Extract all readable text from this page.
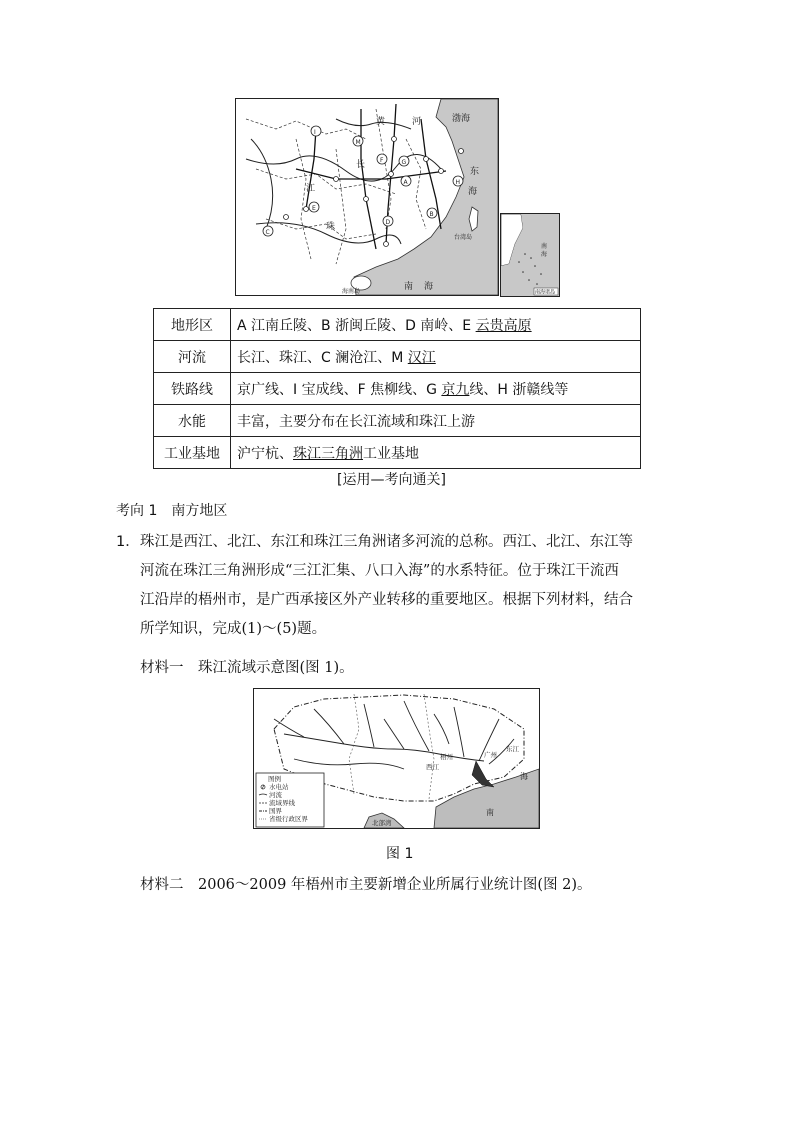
I
M
F	G
E
D
C
A
B
H
渤海
东
海
南 海
台湾岛
海南岛
长
江
珠
黄	河
南
海
南海诸岛
地形区	A 江南丘陵、B 浙闽丘陵、D 南岭、E 云贵高原
河流	长江、珠江、C 澜沧江、M 汉江
铁路线	京广线、I 宝成线、F 焦柳线、G 京九线、H 浙赣线等
水能	丰富，主要分布在长江流域和珠江上游
工业基地	沪宁杭、珠江三角洲工业基地
[运用—考向通关]
考向 1　南方地区
1． 珠江是西江、北江、东江和珠江三角洲诸多河流的总称。西江、北江、东江等
河流在珠江三角洲形成“三江汇集、八口入海”的水系特征。位于珠江干流西
江沿岸的梧州市，是广西承接区外产业转移的重要地区。根据下列材料，结合
所学知识，完成(1)～(5)题。
材料一　 珠江流域示意图(图 1)。
图例
水电站
河流
流域界线
国界
省级行政区界
梧州
西江
广州
东江
北部湾
南
海
图 1
材料二　 2006～2009 年梧州市主要新增企业所属行业统计图(图 2)。
